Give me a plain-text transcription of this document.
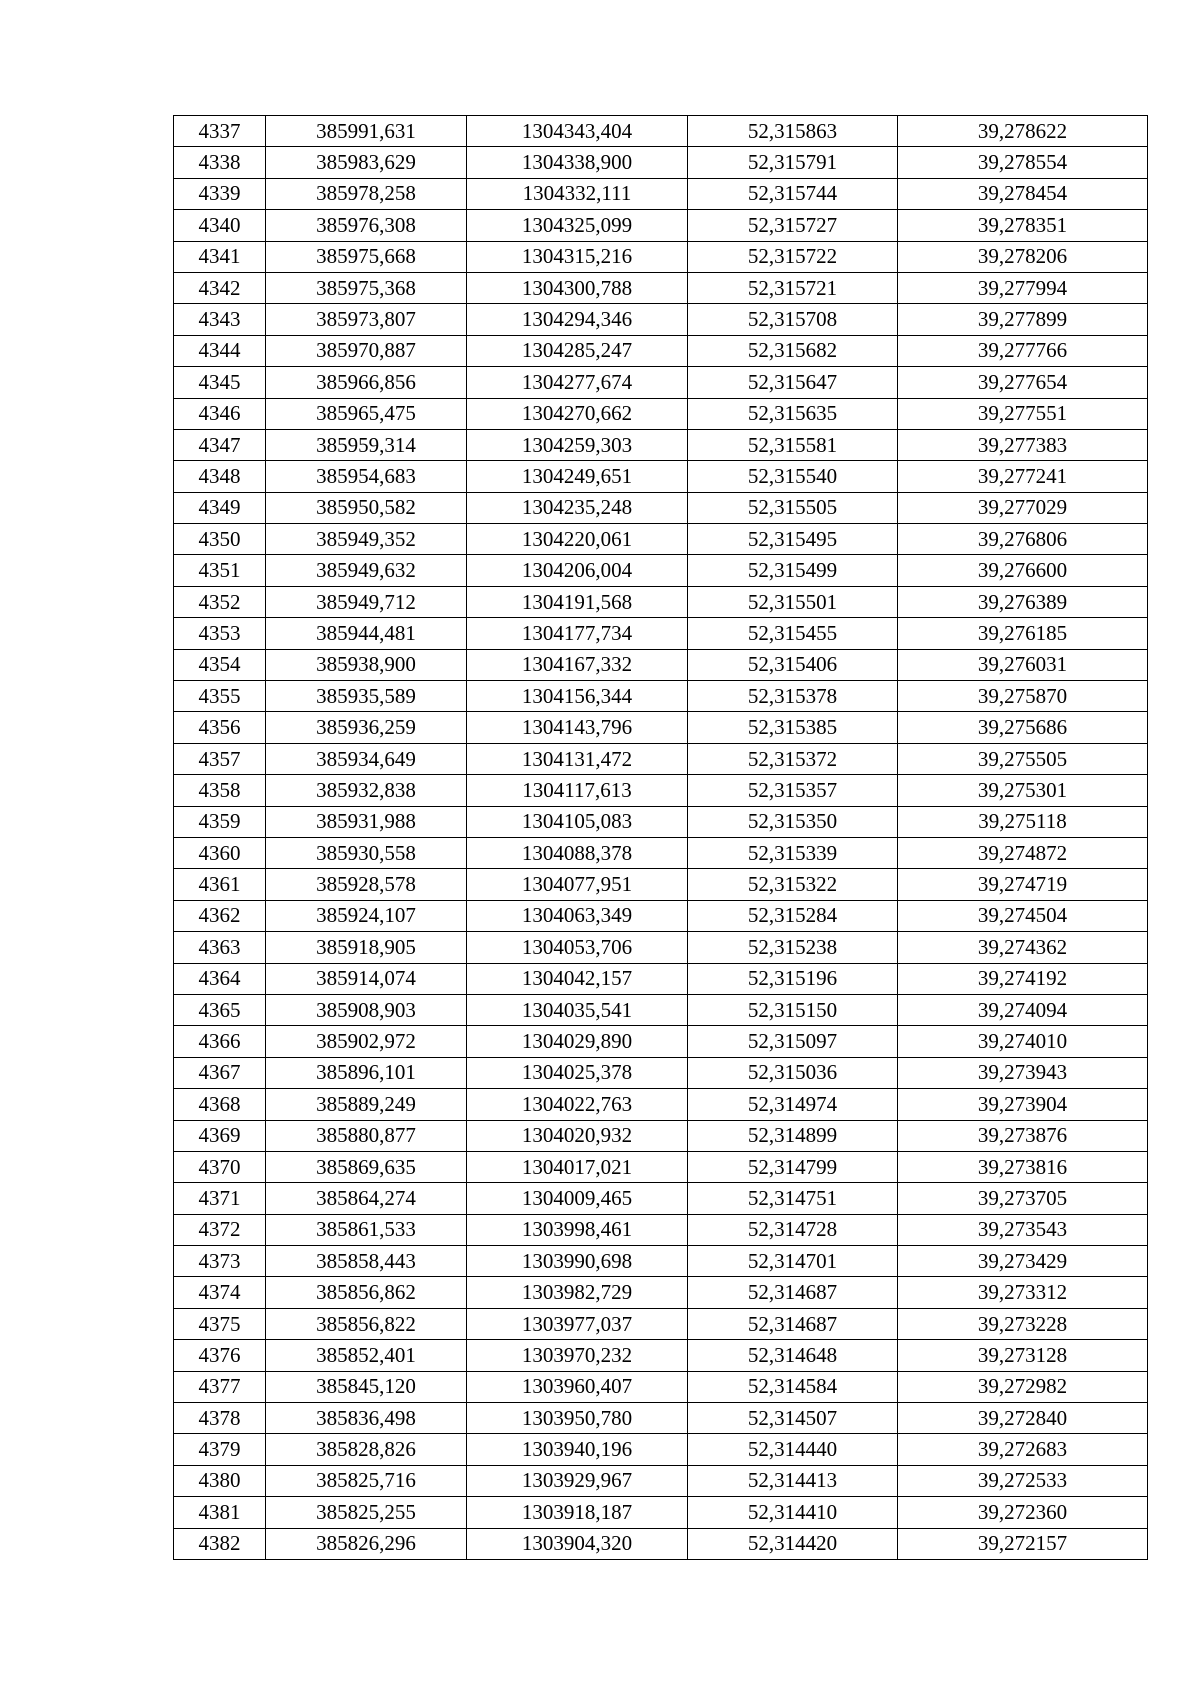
4337	385991,631	1304343,404	52,315863	39,278622
4338	385983,629	1304338,900	52,315791	39,278554
4339	385978,258	1304332,111	52,315744	39,278454
4340	385976,308	1304325,099	52,315727	39,278351
4341	385975,668	1304315,216	52,315722	39,278206
4342	385975,368	1304300,788	52,315721	39,277994
4343	385973,807	1304294,346	52,315708	39,277899
4344	385970,887	1304285,247	52,315682	39,277766
4345	385966,856	1304277,674	52,315647	39,277654
4346	385965,475	1304270,662	52,315635	39,277551
4347	385959,314	1304259,303	52,315581	39,277383
4348	385954,683	1304249,651	52,315540	39,277241
4349	385950,582	1304235,248	52,315505	39,277029
4350	385949,352	1304220,061	52,315495	39,276806
4351	385949,632	1304206,004	52,315499	39,276600
4352	385949,712	1304191,568	52,315501	39,276389
4353	385944,481	1304177,734	52,315455	39,276185
4354	385938,900	1304167,332	52,315406	39,276031
4355	385935,589	1304156,344	52,315378	39,275870
4356	385936,259	1304143,796	52,315385	39,275686
4357	385934,649	1304131,472	52,315372	39,275505
4358	385932,838	1304117,613	52,315357	39,275301
4359	385931,988	1304105,083	52,315350	39,275118
4360	385930,558	1304088,378	52,315339	39,274872
4361	385928,578	1304077,951	52,315322	39,274719
4362	385924,107	1304063,349	52,315284	39,274504
4363	385918,905	1304053,706	52,315238	39,274362
4364	385914,074	1304042,157	52,315196	39,274192
4365	385908,903	1304035,541	52,315150	39,274094
4366	385902,972	1304029,890	52,315097	39,274010
4367	385896,101	1304025,378	52,315036	39,273943
4368	385889,249	1304022,763	52,314974	39,273904
4369	385880,877	1304020,932	52,314899	39,273876
4370	385869,635	1304017,021	52,314799	39,273816
4371	385864,274	1304009,465	52,314751	39,273705
4372	385861,533	1303998,461	52,314728	39,273543
4373	385858,443	1303990,698	52,314701	39,273429
4374	385856,862	1303982,729	52,314687	39,273312
4375	385856,822	1303977,037	52,314687	39,273228
4376	385852,401	1303970,232	52,314648	39,273128
4377	385845,120	1303960,407	52,314584	39,272982
4378	385836,498	1303950,780	52,314507	39,272840
4379	385828,826	1303940,196	52,314440	39,272683
4380	385825,716	1303929,967	52,314413	39,272533
4381	385825,255	1303918,187	52,314410	39,272360
4382	385826,296	1303904,320	52,314420	39,272157
